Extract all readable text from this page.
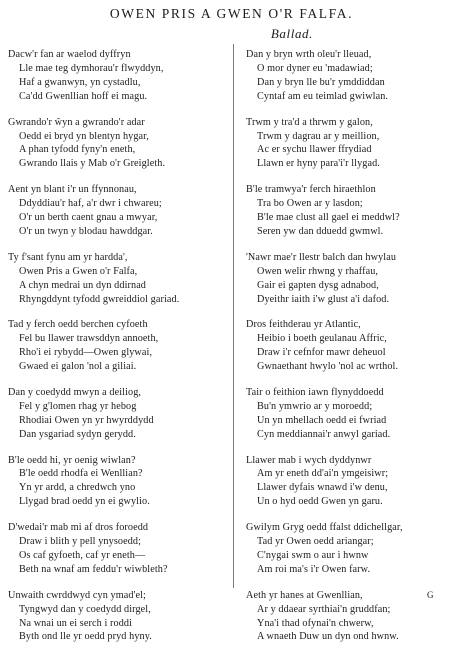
OWEN PRIS A GWEN O'R FALFA.
Ballad.
Dacw'r fan ar waelod dyffryn
Lle mae teg dymhorau'r flwyddyn,
Haf a gwanwyn, yn cystadlu,
Ca'dd Gwenllian hoff ei magu.
Gwrando'r ŵyn a gwrando'r adar
Oedd ei bryd yn blentyn hygar,
A phan tyfodd fyny'n eneth,
Gwrando llais y Mab o'r Greigleth.
Aent yn blant i'r un ffynnonau,
Ddyddiau'r haf, a'r dwr i chwareu;
O'r un berth caent gnau a mwyar,
O'r un twyn y blodau hawddgar.
Ty f'sant fynu am yr hardda',
Owen Pris a Gwen o'r Falfa,
A chyn medrai un dyn ddirnad
Rhyngddynt tyfodd gwreiddiol gariad.
Tad y ferch oedd berchen cyfoeth
Fel bu llawer trawsddyn annoeth,
Rho'i ei rybydd—Owen glywai,
Gwaed ei galon 'nol a giliai.
Dan y coedydd mwyn a deiliog,
Fel y g'lomen rhag yr hebog
Rhodiai Owen yn yr hwyrddydd
Dan ysgariad sydyn gerydd.
B'le oedd hi, yr oenig wiwlan?
B'le oedd rhodfa ei Wenllian?
Yn yr ardd, a chredwch yno
Llygad brad oedd yn ei gwylio.
D'wedai'r mab mi af dros foroedd
Draw i blith y pell ynysoedd;
Os caf gyfoeth, caf yr eneth—
Beth na wnaf am feddu'r wiwbleth?
Unwaith cwrddwyd cyn ymad'el;
Tyngwyd dan y coedydd dirgel,
Na wnai un ei serch i roddi
Byth ond lle yr oedd pryd hyny.
Dan y bryn wrth oleu'r lleuad,
O mor dyner eu 'madawiad;
Dan y bryn lle bu'r ymddiddan
Cyntaf am eu teimlad gwiwlan.
Trwm y tra'd a thrwm y galon,
Trwm y dagrau ar y meillion,
Ac er sychu llawer ffrydiad
Llawn er hyny para'i'r llygad.
B'le tramwya'r ferch hiraethlon
Tra bo Owen ar y lasdon;
B'le mae clust all gael ei meddwl?
Seren yw dan dduedd gwmwl.
'Nawr mae'r llestr balch dan hwylau
Owen welir rhwng y rhaffau,
Gair ei gapten dysg adnabod,
Dyeithr iaith i'w glust a'i dafod.
Dros feithderau yr Atlantic,
Heibio i boeth geulanau Affric,
Draw i'r cefnfor mawr deheuol
Gwnaethant hwylo 'nol ac wrthol.
Tair o feithion iawn flynyddoedd
Bu'n ymwrio ar y moroedd;
Un yn mhellach oedd ei fwriad
Cyn meddiannai'r anwyl gariad.
Llawer mab i wych dyddynwr
Am yr eneth dd'ai'n ymgeisiwr;
Llawer dyfais wnawd i'w denu,
Un o hyd oedd Gwen yn garu.
Gwilym Gryg oedd ffalst ddichellgar,
Tad yr Owen oedd ariangar;
C'nygai swm o aur i hwnw
Am roi ma's i'r Owen farw.
Aeth yr hanes at Gwenllian,
Ar y ddaear syrthiai'n gruddfan;
Yna'i thad ofynai'n chwerw,
A wnaeth Duw un dyn ond hwnw.
G
